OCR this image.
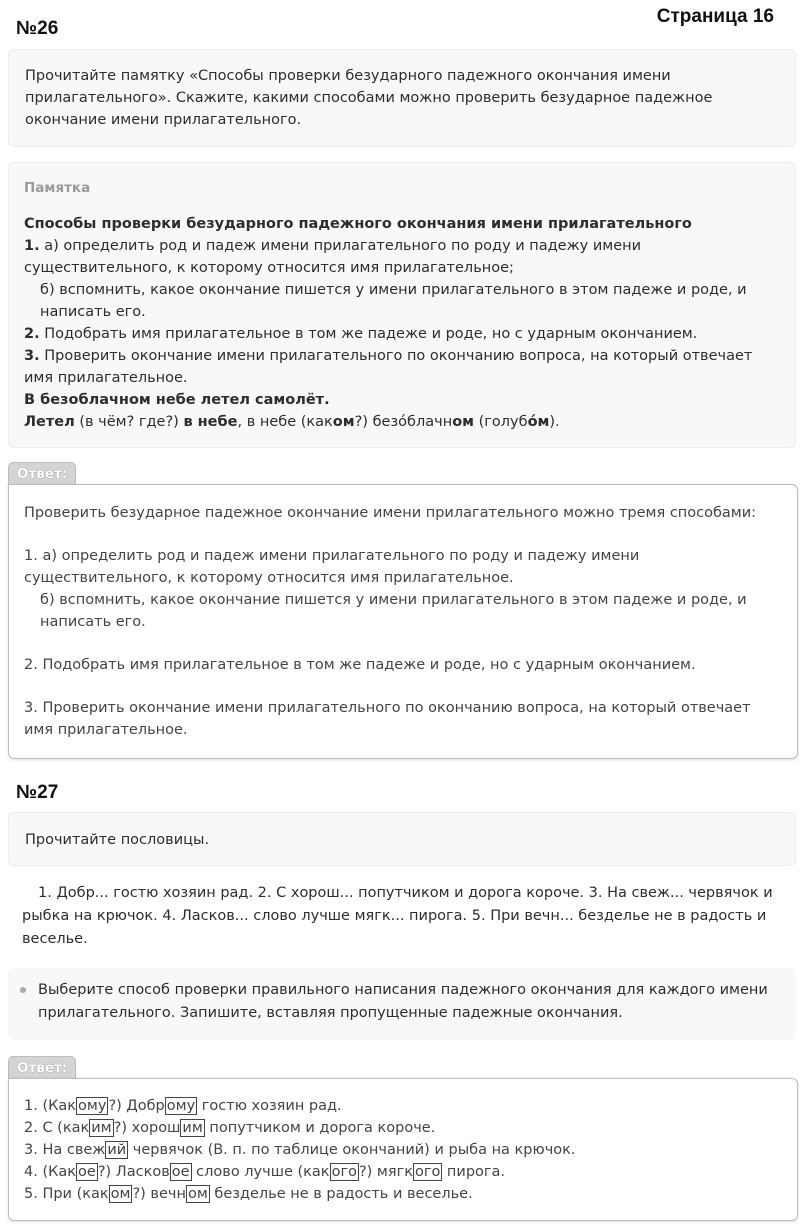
Страница 16
№26

Прочитайте памятку «Способы проверки безударного падежного окончания имени прилагательного». Скажите, какими способами можно проверить безударное падежное окончание имени прилагательного.

Памятка

Способы проверки безударного падежного окончания имени прилагательного

1. а) определить род и падеж имени прилагательного по роду и падежу имени существительного, к которому относится имя прилагательное;

б) вспомнить, какое окончание пишется у имени прилагательного в этом падеже и роде, и написать его.

2. Подобрать имя прилагательное в том же падеже и роде, но с ударным окончанием.

3. Проверить окончание имени прилагательного по окончанию вопроса, на который отвечает имя прилагательное.

В безоблачном небе летел самолёт.

Летел (в чём? где?) в небе, в небе (каком?) безо́блачном (голубо́м).

Ответ:

Проверить безударное падежное окончание имени прилагательного можно тремя способами:

1. а) определить род и падеж имени прилагательного по роду и падежу имени существительного, к которому относится имя прилагательное.

б) вспомнить, какое окончание пишется у имени прилагательного в этом падеже и роде, и написать его.

2. Подобрать имя прилагательное в том же падеже и роде, но с ударным окончанием.

3. Проверить окончание имени прилагательного по окончанию вопроса, на который отвечает имя прилагательное.

№27

Прочитайте пословицы.

1. Добр... гостю хозяин рад. 2. С хорош... попутчиком и дорога короче. 3. На свеж... червячок и рыбка на крючок. 4. Ласков... слово лучше мягк... пирога. 5. При вечн... безделье не в радость и веселье.
Выберите способ проверки правильного написания падежного окончания для каждого имени прилагательного. Запишите, вставляя пропущенные падежные окончания.
Ответ:

1. (Как ому ?) Добр ому гостю хозяин рад.

2. С (как им ?) хорош им попутчиком и дорога короче.

3. На свеж ий червячок (В. п. по таблице окончаний) и рыба на крючок.

4. (Как ое ?) Ласков ое слово лучше (как ого ?) мягк ого пирога.

5. При (как ом ?) вечн ом безделье не в радость и веселье.
